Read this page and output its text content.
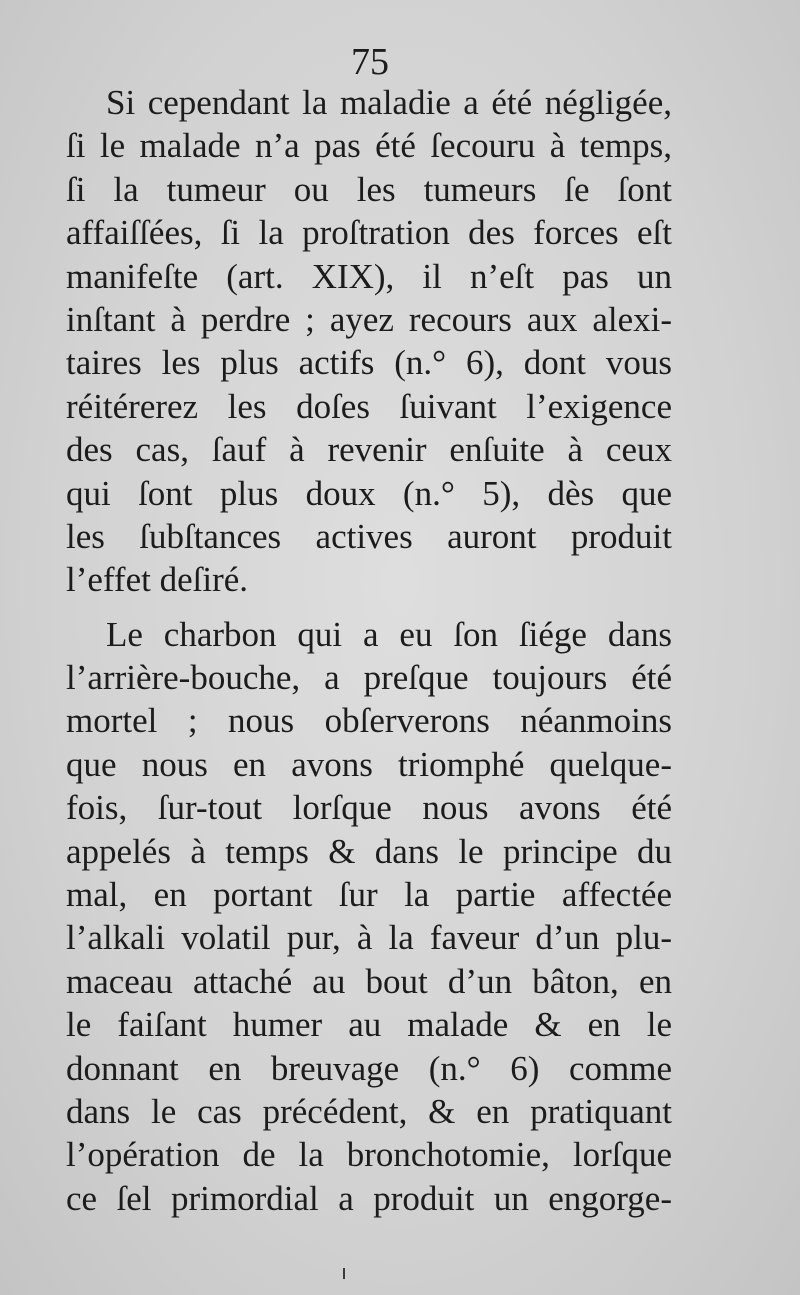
75
Si cependant la maladie a été négligée,
ſi le malade n’a pas été ſecouru à temps,
ſi la tumeur ou les tumeurs ſe ſont
affaiſſées, ſi la proſtration des forces eſt
manifeſte (art. XIX), il n’eſt pas un
inſtant à perdre ; ayez recours aux alexi-
taires les plus actifs (n.° 6), dont vous
réitérerez les doſes ſuivant l’exigence
des cas, ſauf à revenir enſuite à ceux
qui ſont plus doux (n.° 5), dès que
les ſubſtances actives auront produit
l’effet deſiré.
Le charbon qui a eu ſon ſiége dans
l’arrière-bouche, a preſque toujours été
mortel ; nous obſerverons néanmoins
que nous en avons triomphé quelque-
fois, ſur-tout lorſque nous avons été
appelés à temps & dans le principe du
mal, en portant ſur la partie affectée
l’alkali volatil pur, à la faveur d’un plu-
maceau attaché au bout d’un bâton, en
le faiſant humer au malade & en le
donnant en breuvage (n.° 6) comme
dans le cas précédent, & en pratiquant
l’opération de la bronchotomie, lorſque
ce ſel primordial a produit un engorge-
